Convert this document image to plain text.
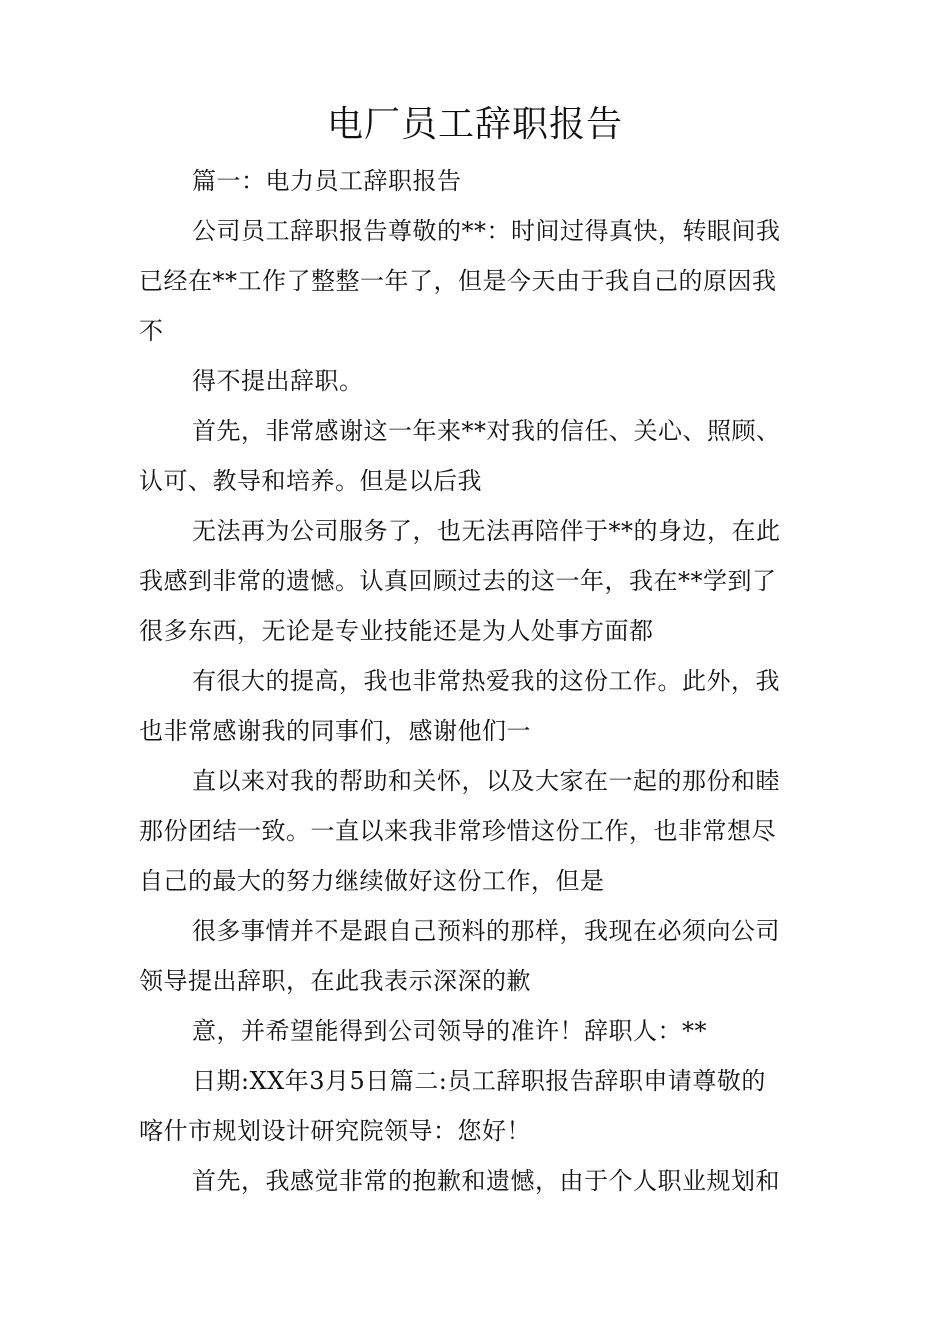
电厂员工辞职报告
篇一：电力员工辞职报告
公司员工辞职报告尊敬的**：时间过得真快，转眼间我
已经在**工作了整整一年了，但是今天由于我自己的原因我
不
得不提出辞职。
首先，非常感谢这一年来**对我的信任、关心、照顾、
认可、教导和培养。但是以后我
无法再为公司服务了，也无法再陪伴于**的身边，在此
我感到非常的遗憾。认真回顾过去的这一年，我在**学到了
很多东西，无论是专业技能还是为人处事方面都
有很大的提高，我也非常热爱我的这份工作。此外，我
也非常感谢我的同事们，感谢他们一
直以来对我的帮助和关怀，以及大家在一起的那份和睦
那份团结一致。一直以来我非常珍惜这份工作，也非常想尽
自己的最大的努力继续做好这份工作，但是
很多事情并不是跟自己预料的那样，我现在必须向公司
领导提出辞职，在此我表示深深的歉
意，并希望能得到公司领导的准许！辞职人：**
日期:XX年3月5日篇二:员工辞职报告辞职申请尊敬的
喀什市规划设计研究院领导：您好！
首先，我感觉非常的抱歉和遗憾，由于个人职业规划和
